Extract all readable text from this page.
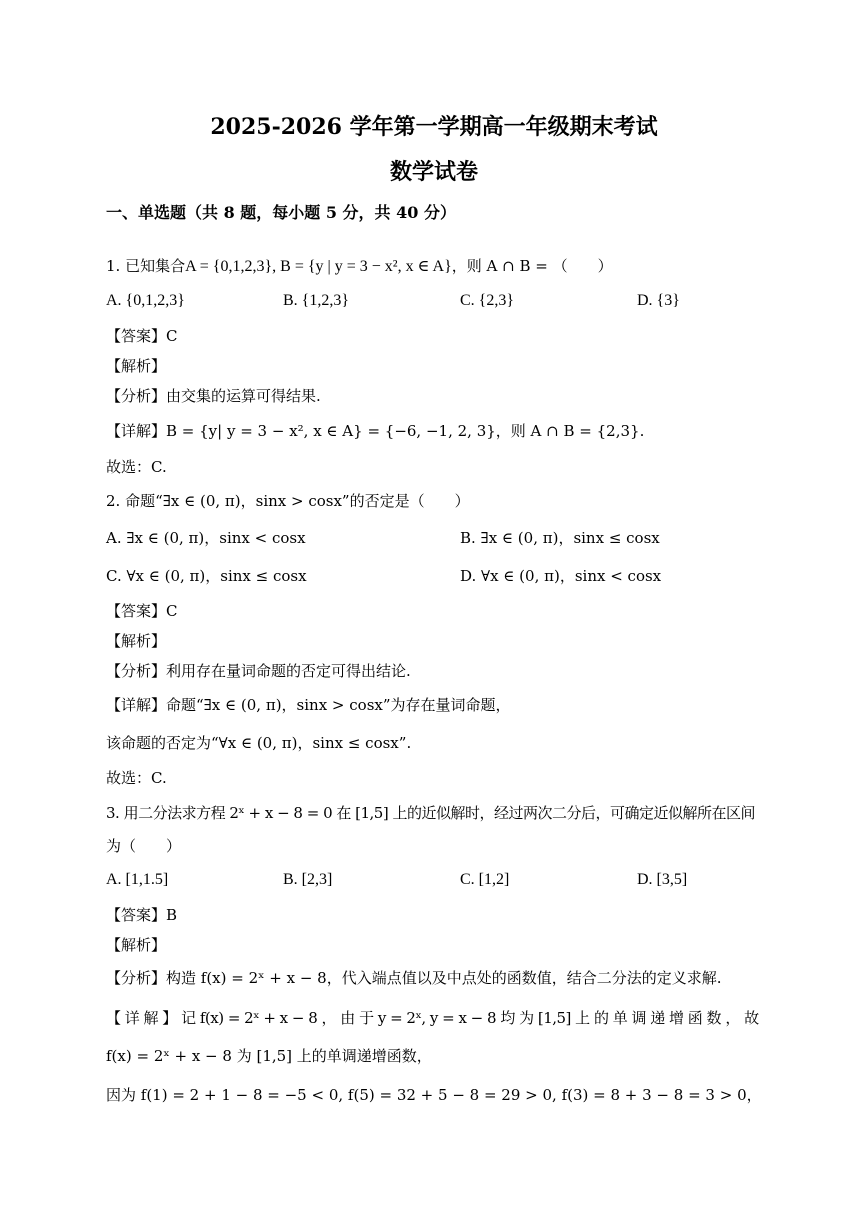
2025-2026 学年第一学期高一年级期末考试
数学试卷
一、单选题（共 8 题，每小题 5 分，共 40 分）
1. 已知集合A = {0,1,2,3}, B = {y | y = 3 − x², x ∈ A}，则 A ∩ B = （　　）
A. {0,1,2,3}	B. {1,2,3}	C. {2,3}	D. {3}
【答案】C
【解析】
【分析】由交集的运算可得结果.
【详解】B = {y| y = 3 − x², x ∈ A} = {−6, −1, 2, 3}，则 A ∩ B = {2,3}.
故选：C.
2. 命题“∃x ∈ (0, π)，sinx > cosx”的否定是（　　）
A. ∃x ∈ (0, π)，sinx < cosx	B. ∃x ∈ (0, π)，sinx ≤ cosx
C. ∀x ∈ (0, π)，sinx ≤ cosx	D. ∀x ∈ (0, π)，sinx < cosx
【答案】C
【解析】
【分析】利用存在量词命题的否定可得出结论.
【详解】命题“∃x ∈ (0, π)，sinx > cosx”为存在量词命题，
该命题的否定为“∀x ∈ (0, π)，sinx ≤ cosx”.
故选：C.
3. 用二分法求方程 2ˣ + x − 8 = 0 在 [1,5] 上的近似解时，经过两次二分后，可确定近似解所在区间
为（　　）
A. [1,1.5]	B. [2,3]	C. [1,2]	D. [3,5]
【答案】B
【解析】
【分析】构造 f(x) = 2ˣ + x − 8，代入端点值以及中点处的函数值，结合二分法的定义求解.
【 详 解 】 记 f(x) = 2ˣ + x − 8 ， 由 于 y = 2ˣ, y = x − 8 均 为 [1,5] 上 的 单 调 递 增 函 数 ， 故
f(x) = 2ˣ + x − 8 为 [1,5] 上的单调递增函数，
因为 f(1) = 2 + 1 − 8 = −5 < 0, f(5) = 32 + 5 − 8 = 29 > 0, f(3) = 8 + 3 − 8 = 3 > 0，
